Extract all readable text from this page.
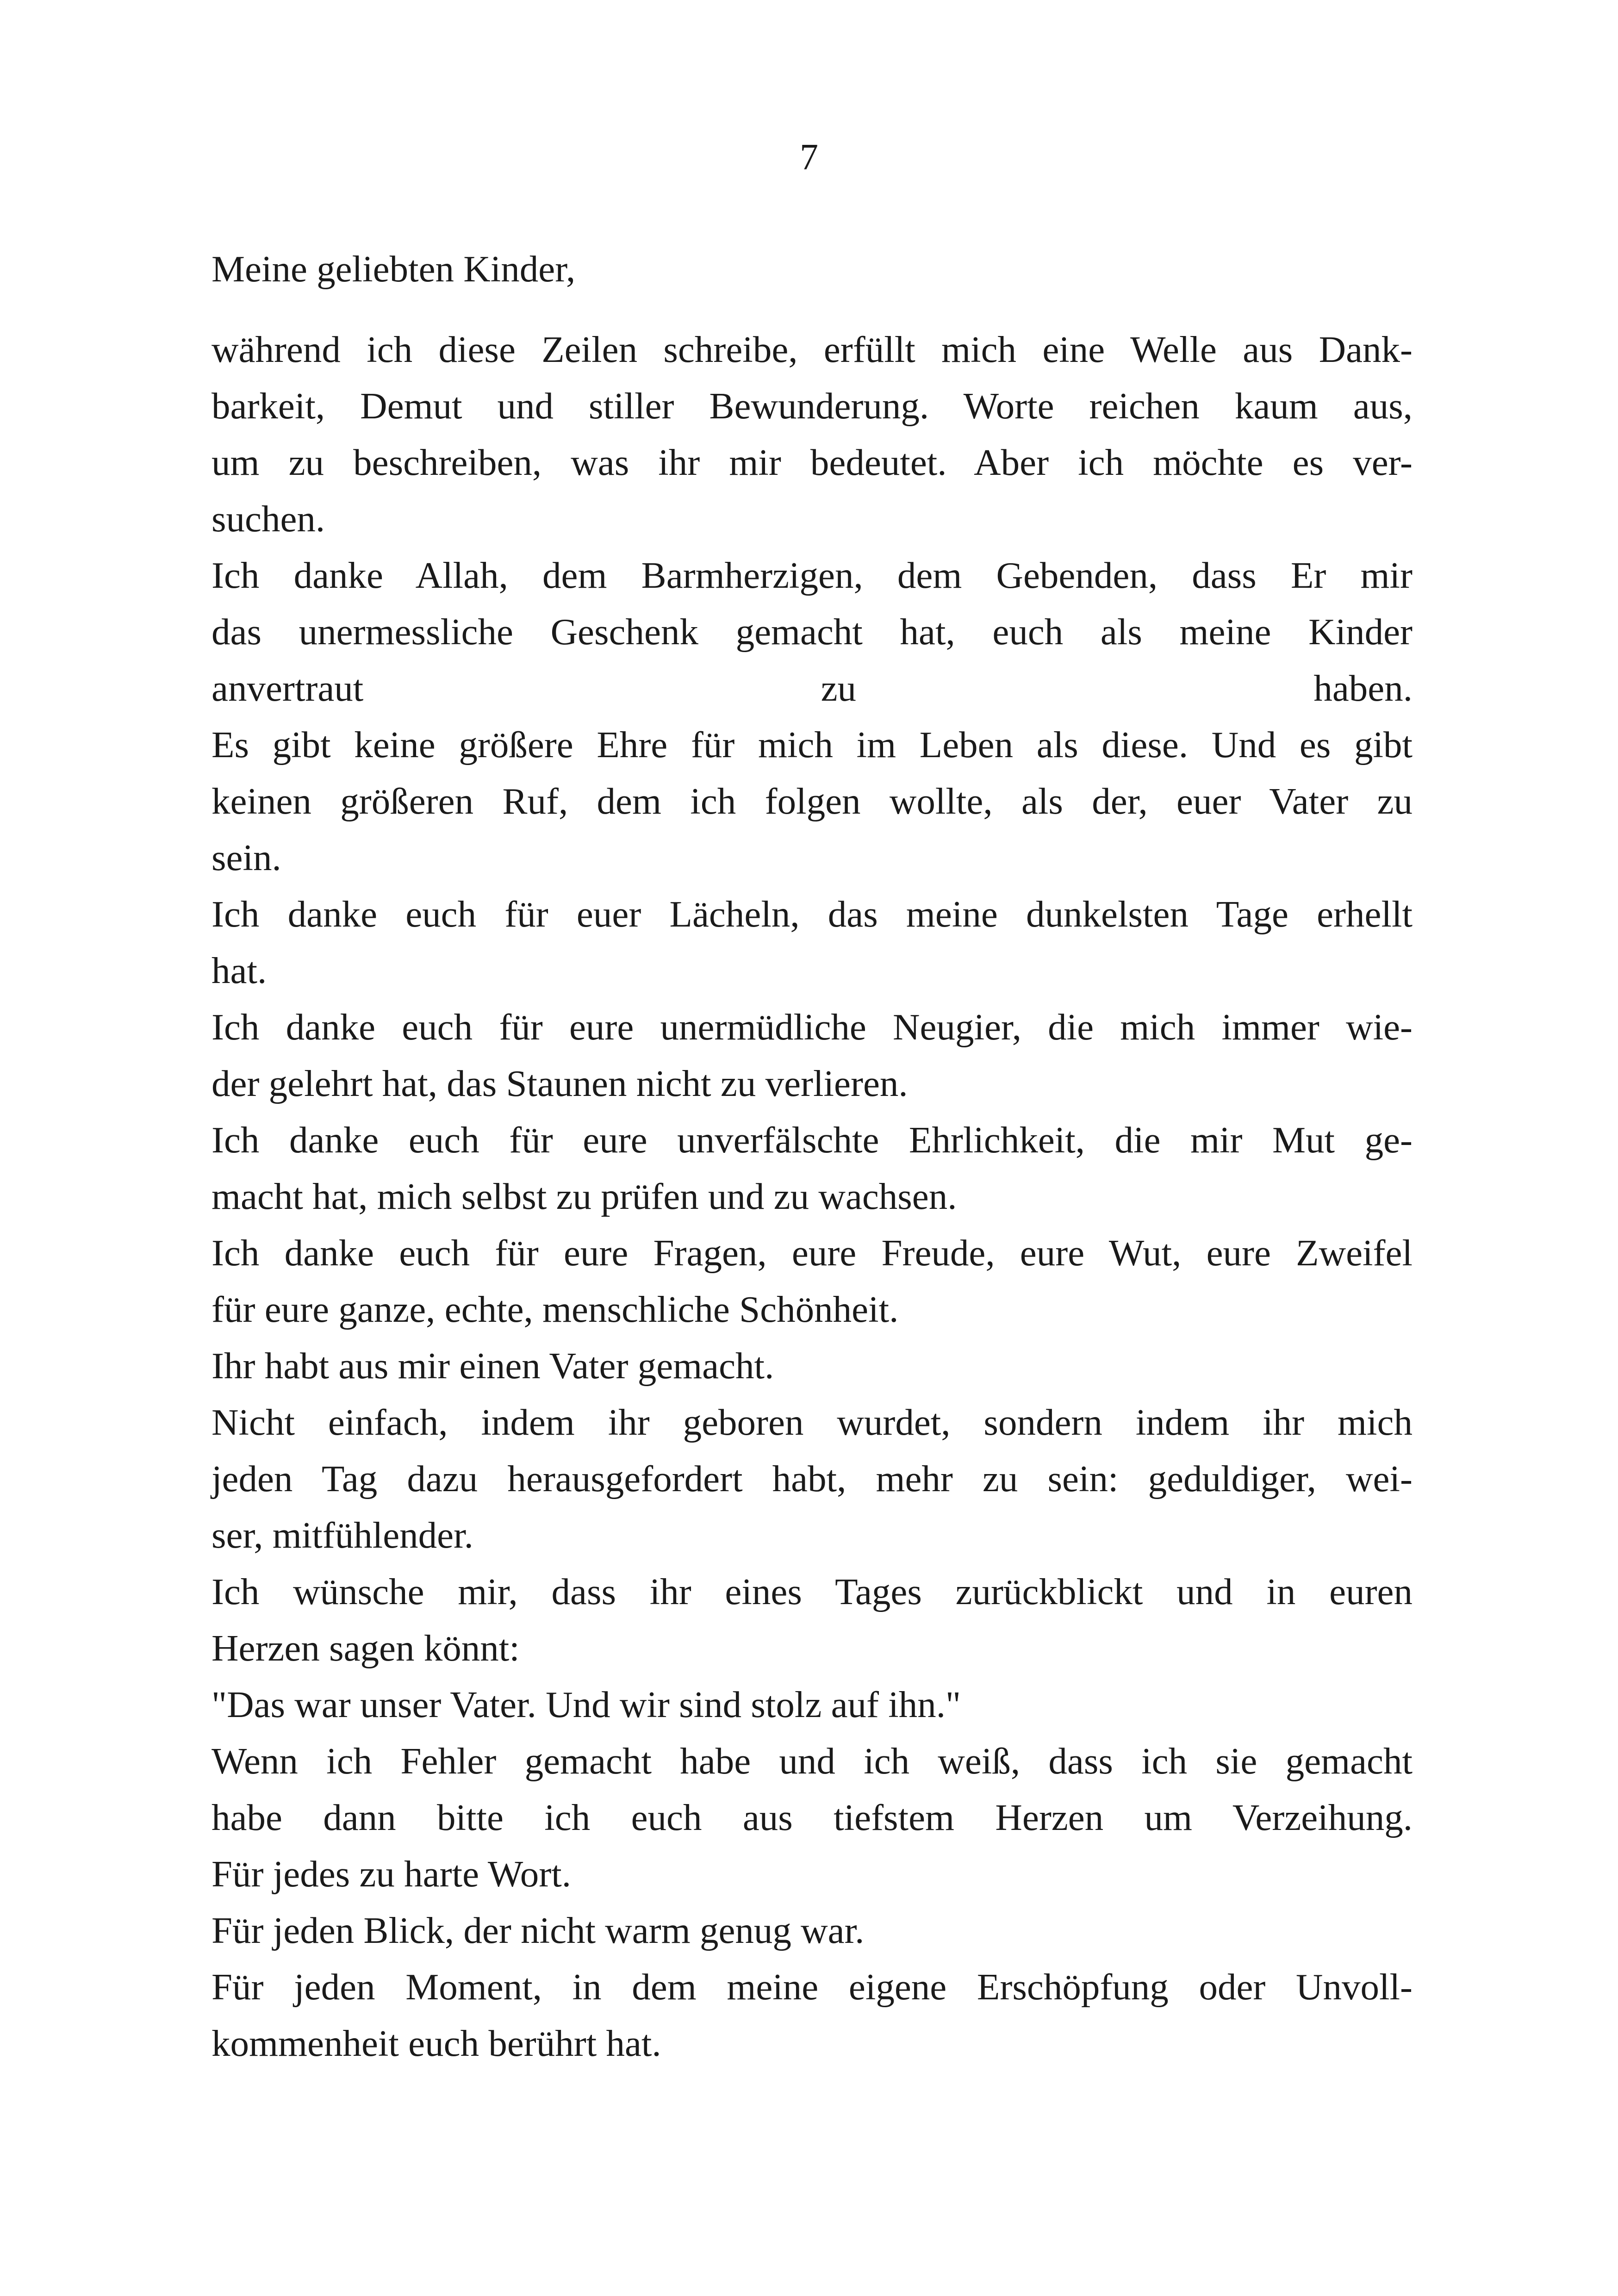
7
Meine geliebten Kinder,
während ich diese Zeilen schreibe, erfüllt mich eine Welle aus Dank-
barkeit, Demut und stiller Bewunderung. Worte reichen kaum aus,
um zu beschreiben, was ihr mir bedeutet. Aber ich möchte es ver-
suchen.
Ich danke Allah, dem Barmherzigen, dem Gebenden, dass Er mir
das unermessliche Geschenk gemacht hat, euch als meine Kinder
anvertraut zu haben.
Es gibt keine größere Ehre für mich im Leben als diese. Und es gibt
keinen größeren Ruf, dem ich folgen wollte, als der, euer Vater zu
sein.
Ich danke euch für euer Lächeln, das meine dunkelsten Tage erhellt
hat.
Ich danke euch für eure unermüdliche Neugier, die mich immer wie-
der gelehrt hat, das Staunen nicht zu verlieren.
Ich danke euch für eure unverfälschte Ehrlichkeit, die mir Mut ge-
macht hat, mich selbst zu prüfen und zu wachsen.
Ich danke euch für eure Fragen, eure Freude, eure Wut, eure Zweifel
für eure ganze, echte, menschliche Schönheit.
Ihr habt aus mir einen Vater gemacht.
Nicht einfach, indem ihr geboren wurdet, sondern indem ihr mich
jeden Tag dazu herausgefordert habt, mehr zu sein: geduldiger, wei-
ser, mitfühlender.
Ich wünsche mir, dass ihr eines Tages zurückblickt und in euren
Herzen sagen könnt:
"Das war unser Vater. Und wir sind stolz auf ihn."
Wenn ich Fehler gemacht habe und ich weiß, dass ich sie gemacht
habe dann bitte ich euch aus tiefstem Herzen um Verzeihung.
Für jedes zu harte Wort.
Für jeden Blick, der nicht warm genug war.
Für jeden Moment, in dem meine eigene Erschöpfung oder Unvoll-
kommenheit euch berührt hat.
